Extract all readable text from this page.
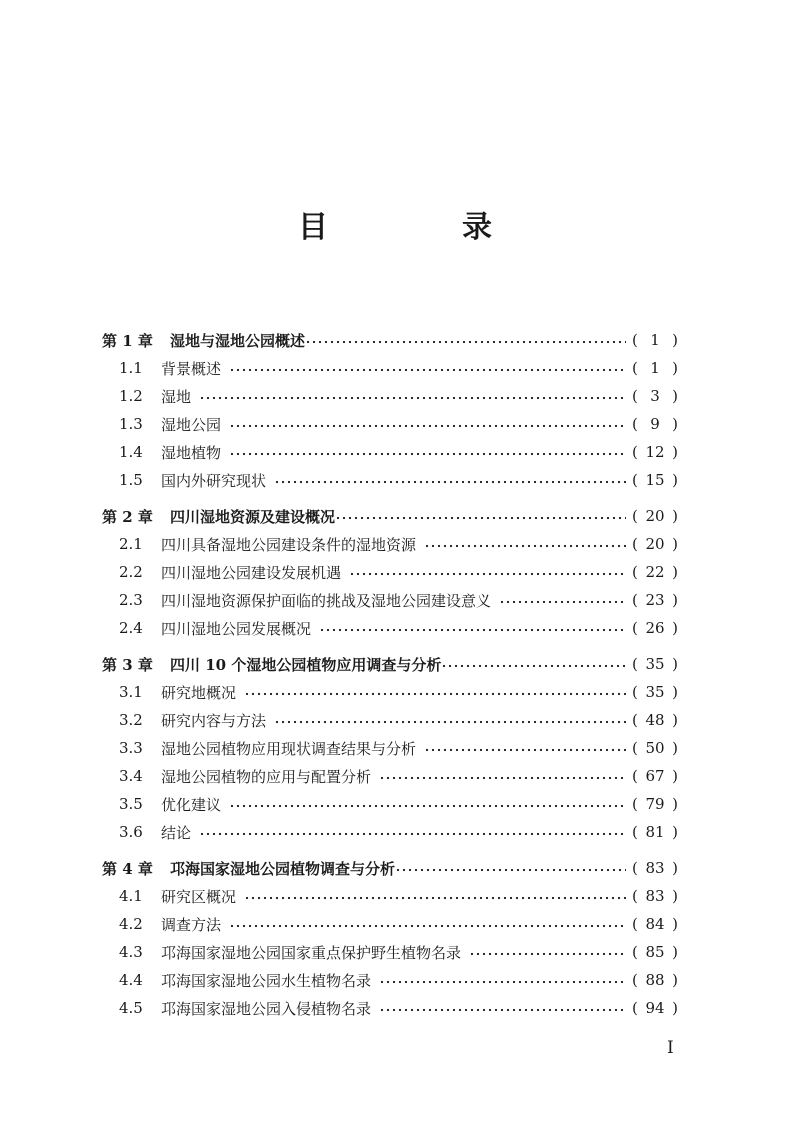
目　录
第 1 章	湿地与湿地公园概述	( 1 )
1.1	背景概述	( 1 )
1.2	湿地	( 3 )
1.3	湿地公园	( 9 )
1.4	湿地植物	( 12 )
1.5	国内外研究现状	( 15 )
第 2 章	四川湿地资源及建设概况	( 20 )
2.1	四川具备湿地公园建设条件的湿地资源	( 20 )
2.2	四川湿地公园建设发展机遇	( 22 )
2.3	四川湿地资源保护面临的挑战及湿地公园建设意义	( 23 )
2.4	四川湿地公园发展概况	( 26 )
第 3 章	四川 10 个湿地公园植物应用调查与分析	( 35 )
3.1	研究地概况	( 35 )
3.2	研究内容与方法	( 48 )
3.3	湿地公园植物应用现状调查结果与分析	( 50 )
3.4	湿地公园植物的应用与配置分析	( 67 )
3.5	优化建议	( 79 )
3.6	结论	( 81 )
第 4 章	邛海国家湿地公园植物调查与分析	( 83 )
4.1	研究区概况	( 83 )
4.2	调查方法	( 84 )
4.3	邛海国家湿地公园国家重点保护野生植物名录	( 85 )
4.4	邛海国家湿地公园水生植物名录	( 88 )
4.5	邛海国家湿地公园入侵植物名录	( 94 )
I
